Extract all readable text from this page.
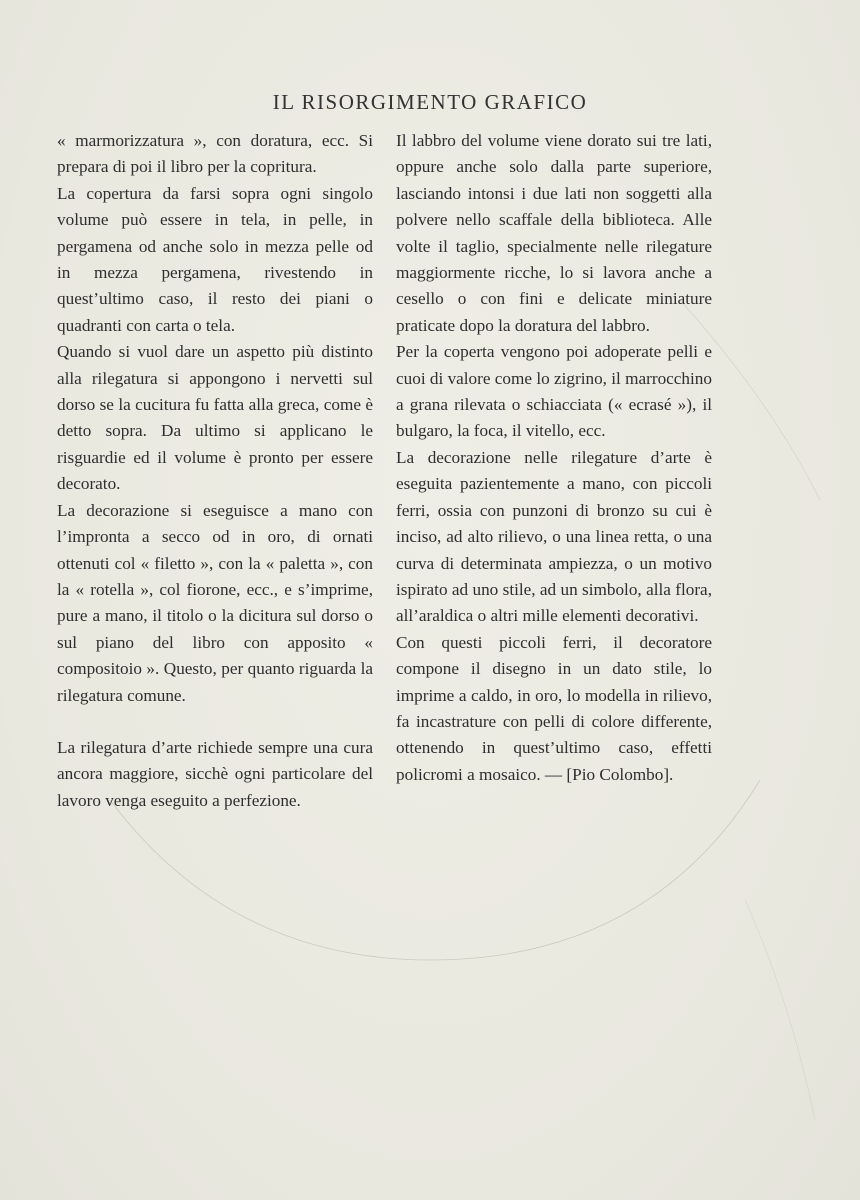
IL RISORGIMENTO GRAFICO

« marmorizzatura », con doratura, ecc. Si prepara di poi il libro per la copritura.

La copertura da farsi sopra ogni singolo volume può essere in tela, in pelle, in pergamena od anche solo in mezza pelle od in mezza pergamena, rivestendo in quest’ultimo caso, il resto dei piani o quadranti con carta o tela.

Quando si vuol dare un aspetto più distinto alla rilegatura si appongono i nervetti sul dorso se la cucitura fu fatta alla greca, come è detto sopra. Da ultimo si applicano le risguardie ed il volume è pronto per essere decorato.

La decorazione si eseguisce a mano con l’impronta a secco od in oro, di ornati ottenuti col « filetto », con la « paletta », con la « rotella », col fiorone, ecc., e s’imprime, pure a mano, il titolo o la dicitura sul dorso o sul piano del libro con apposito « compositoio ». Questo, per quanto riguarda la rilegatura comune.

La rilegatura d’arte richiede sempre una cura ancora maggiore, sicchè ogni particolare del lavoro venga eseguito a perfezione.

Il labbro del volume viene dorato sui tre lati, oppure anche solo dalla parte superiore, lasciando intonsi i due lati non soggetti alla polvere nello scaffale della biblioteca. Alle volte il taglio, specialmente nelle rilegature maggiormente ricche, lo si lavora anche a cesello o con fini e delicate miniature praticate dopo la doratura del labbro.

Per la coperta vengono poi adoperate pelli e cuoi di valore come lo zigrino, il marrocchino a grana rilevata o schiacciata (« ecrasé »), il bulgaro, la foca, il vitello, ecc.

La decorazione nelle rilegature d’arte è eseguita pazientemente a mano, con piccoli ferri, ossia con punzoni di bronzo su cui è inciso, ad alto rilievo, o una linea retta, o una curva di determinata ampiezza, o un motivo ispirato ad uno stile, ad un simbolo, alla flora, all’araldica o altri mille elementi decorativi.

Con questi piccoli ferri, il decoratore compone il disegno in un dato stile, lo imprime a caldo, in oro, lo modella in rilievo, fa incastrature con pelli di colore differente, ottenendo in quest’ultimo caso, effetti policromi a mosaico. — [Pio Colombo].
